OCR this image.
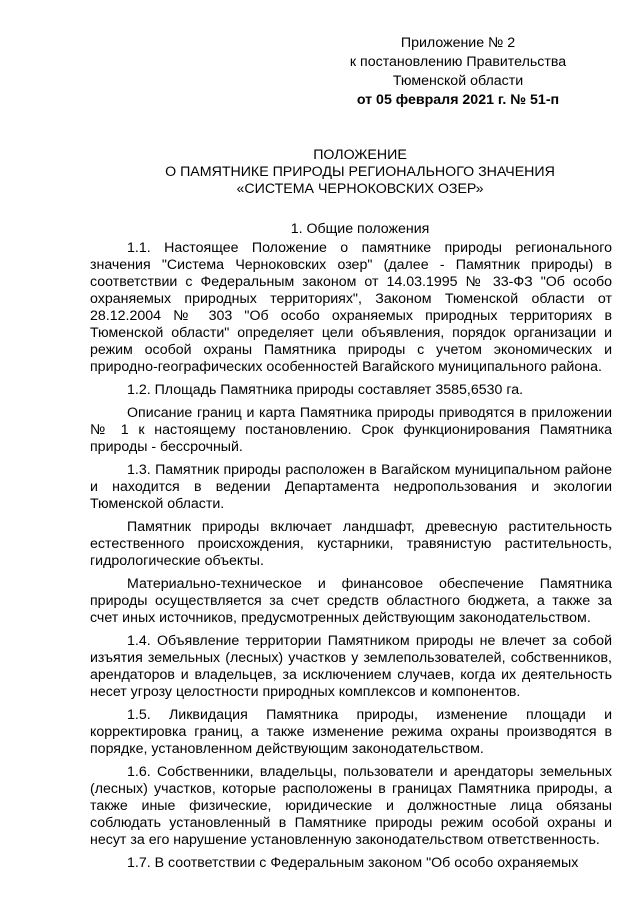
Приложение № 2
к постановлению Правительства
Тюменской области
от 05 февраля 2021 г. № 51-п
ПОЛОЖЕНИЕ
О ПАМЯТНИКЕ ПРИРОДЫ РЕГИОНАЛЬНОГО ЗНАЧЕНИЯ
«СИСТЕМА ЧЕРНОКОВСКИХ ОЗЕР»
1. Общие положения

1.1. Настоящее Положение о памятнике природы регионального значения "Система Черноковских озер" (далее - Памятник природы) в соответствии с Федеральным законом от 14.03.1995 № 33-ФЗ "Об особо охраняемых природных территориях", Законом Тюменской области от 28.12.2004 № 303 "Об особо охраняемых природных территориях в Тюменской области" определяет цели объявления, порядок организации и режим особой охраны Памятника природы с учетом экономических и природно-географических особенностей Вагайского муниципального района.

1.2. Площадь Памятника природы составляет 3585,6530 га.

Описание границ и карта Памятника природы приводятся в приложении № 1 к настоящему постановлению. Срок функционирования Памятника природы - бессрочный.

1.3. Памятник природы расположен в Вагайском муниципальном районе и находится в ведении Департамента недропользования и экологии Тюменской области.

Памятник природы включает ландшафт, древесную растительность естественного происхождения, кустарники, травянистую растительность, гидрологические объекты.

Материально-техническое и финансовое обеспечение Памятника природы осуществляется за счет средств областного бюджета, а также за счет иных источников, предусмотренных действующим законодательством.

1.4. Объявление территории Памятником природы не влечет за собой изъятия земельных (лесных) участков у землепользователей, собственников, арендаторов и владельцев, за исключением случаев, когда их деятельность несет угрозу целостности природных комплексов и компонентов.

1.5. Ликвидация Памятника природы, изменение площади и корректировка границ, а также изменение режима охраны производятся в порядке, установленном действующим законодательством.

1.6. Собственники, владельцы, пользователи и арендаторы земельных (лесных) участков, которые расположены в границах Памятника природы, а также иные физические, юридические и должностные лица обязаны соблюдать установленный в Памятнике природы режим особой охраны и несут за его нарушение установленную законодательством ответственность.

1.7. В соответствии с Федеральным законом "Об особо охраняемых
